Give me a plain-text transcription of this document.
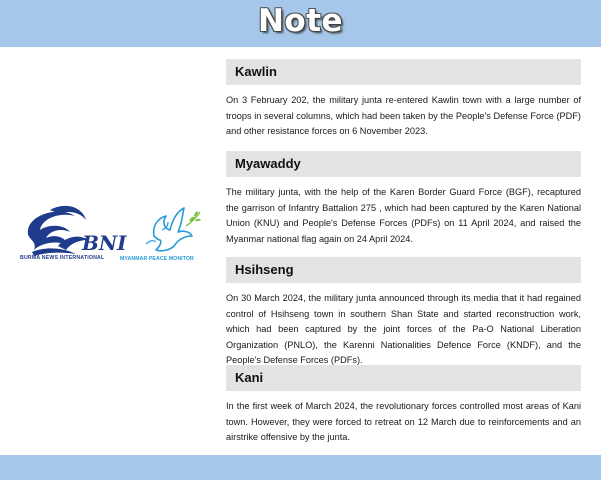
Note
BNI
BURMA NEWS INTERNATIONAL	MYANMAR PEACE MONITOR
Kawlin
On 3 February 202, the military junta re-entered Kawlin town with a large number of troops in several columns, which had been taken by the People's Defense Force (PDF) and other resistance forces on 6 November 2023.
Myawaddy
The military junta, with the help of the Karen Border Guard Force (BGF), recaptured the garrison of Infantry Battalion 275 , which had been captured by the Karen National Union (KNU) and People's Defense Forces (PDFs) on 11 April 2024, and raised the Myanmar national flag again on 24 April 2024.
Hsihseng
On 30 March 2024, the military junta announced through its media that it had regained control of Hsihseng town in southern Shan State and started reconstruction work, which had been captured by the joint forces of the Pa-O National Liberation Organization (PNLO), the Karenni Nationalities Defence Force (KNDF), and the People's Defense Forces (PDFs).
Kani
In the first week of March 2024, the revolutionary forces controlled most areas of Kani town. However, they were forced to retreat on 12 March due to reinforcements and an airstrike offensive by the junta.
